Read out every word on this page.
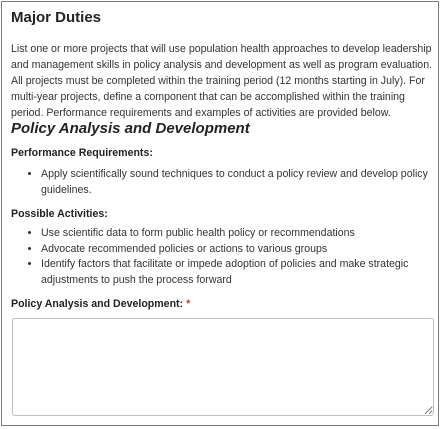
Major Duties
List one or more projects that will use population health approaches to develop leadership and management skills in policy analysis and development as well as program evaluation. All projects must be completed within the training period (12 months starting in July). For multi-year projects, define a component that can be accomplished within the training period. Performance requirements and examples of activities are provided below.
Policy Analysis and Development
Performance Requirements:
• Apply scientifically sound techniques to conduct a policy review and develop policy guidelines.
Possible Activities:
• Use scientific data to form public health policy or recommendations
• Advocate recommended policies or actions to various groups
• Identify factors that facilitate or impede adoption of policies and make strategic adjustments to push the process forward
Policy Analysis and Development: *
